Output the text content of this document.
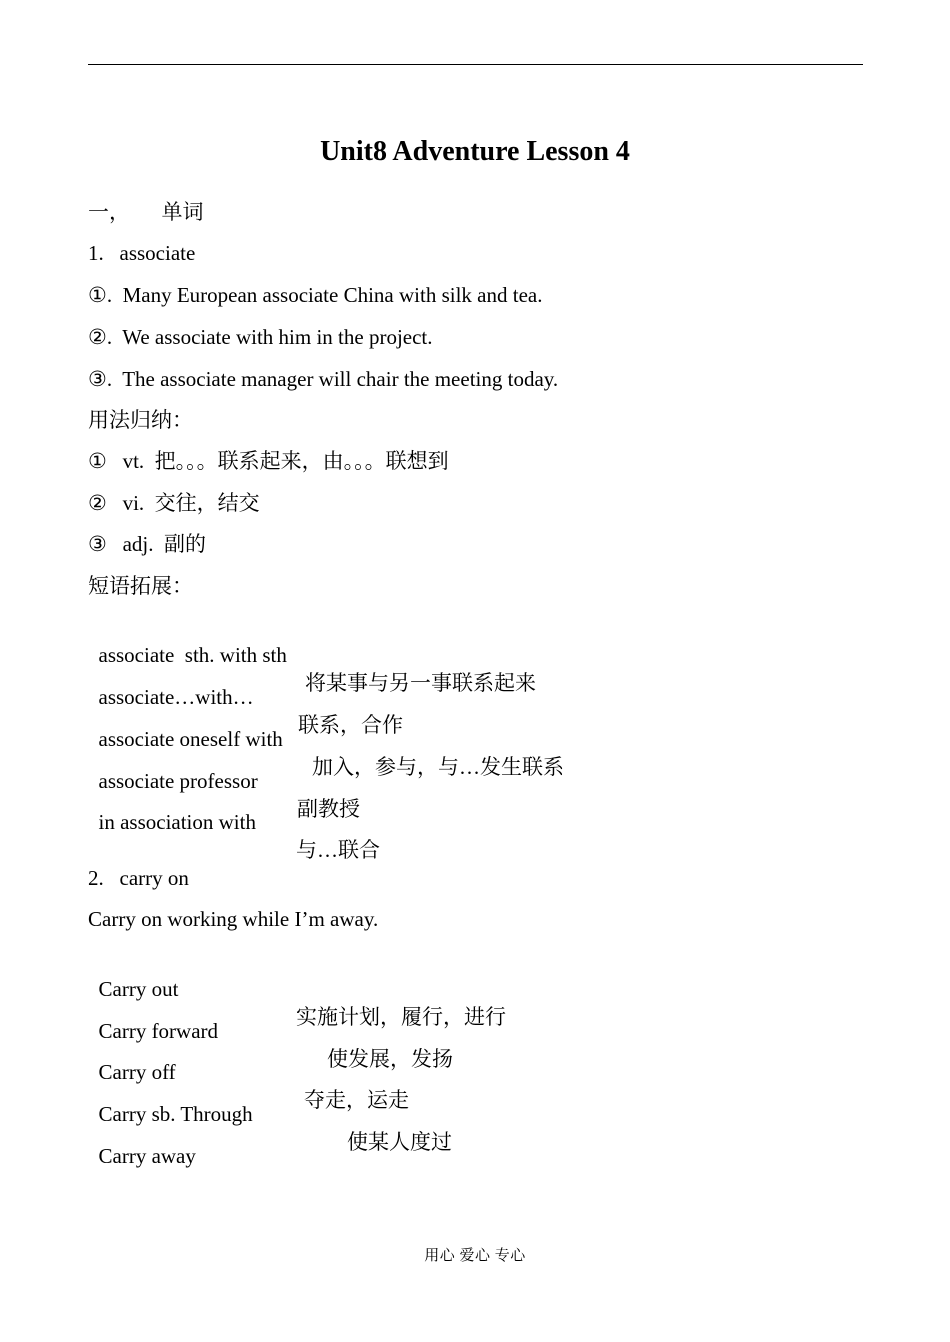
Unit8 Adventure Lesson 4
一，      单词
1.   associate
①.  Many European associate China with silk and tea.
②.  We associate with him in the project.
③.  The associate manager will chair the meeting today.
用法归纳：
①   vt.  把。。。联系起来，由。。。联想到
②   vi.  交往，结交
③   adj.  副的
短语拓展：

associate  sth. with sth

将某事与另一事联系起来

associate…with…

联系，合作

associate oneself with

加入，参与，与…发生联系

associate professor

副教授

in association with

与…联合

2.   carry on
Carry on working while I’m away.

Carry out

实施计划，履行，进行

Carry forward

使发展，发扬

Carry off

夺走，运走

Carry sb. Through

使某人度过

Carry away

用心 爱心 专心
